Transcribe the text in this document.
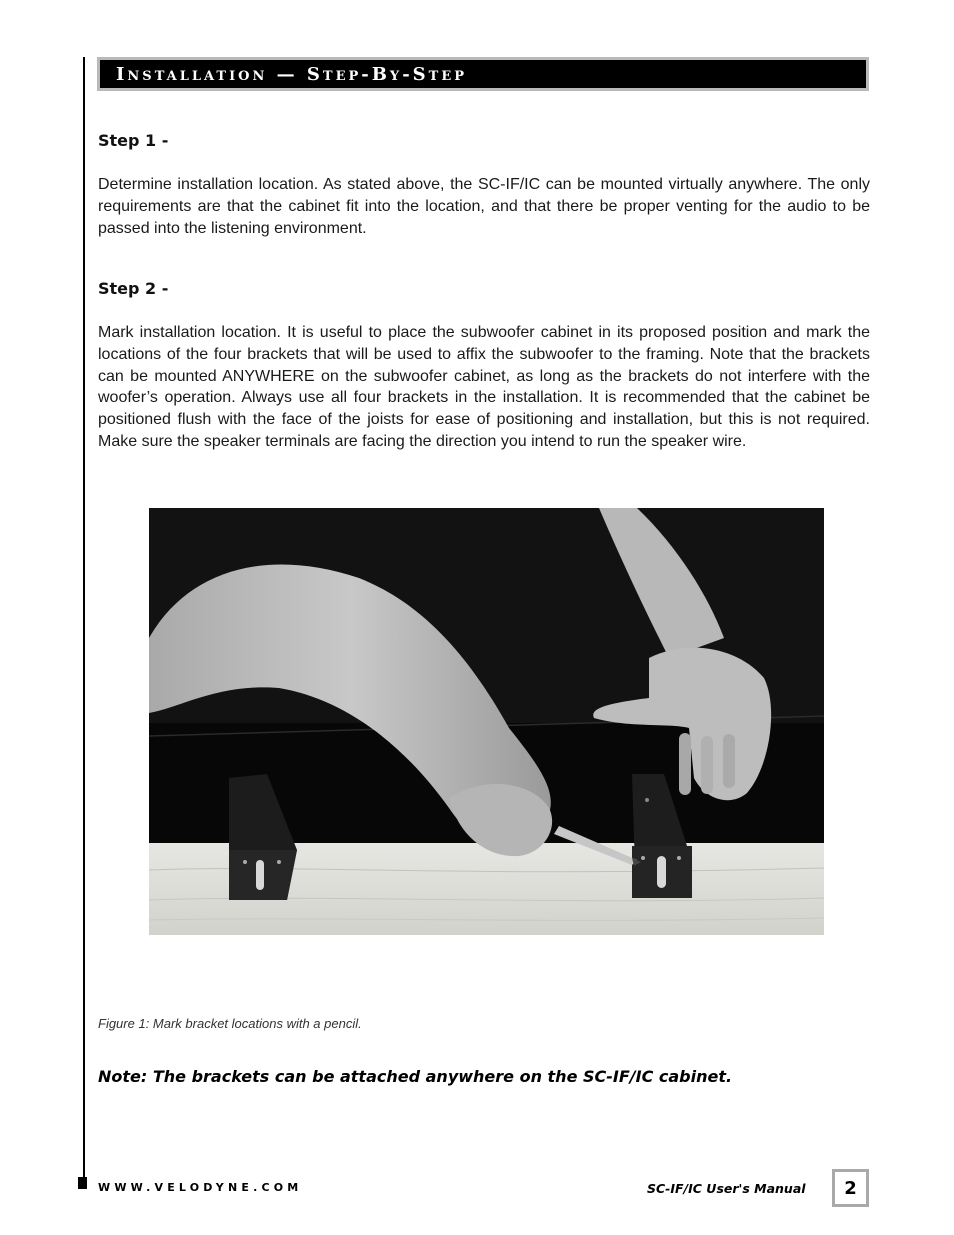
Installation — Step-By-Step
Step 1 -

Determine installation location. As stated above, the SC-IF/IC can be mounted virtually anywhere. The only requirements are that the cabinet fit into the location, and that there be proper venting for the audio to be passed into the listening environment.

Step 2 -

Mark installation location. It is useful to place the subwoofer cabinet in its proposed position and mark the locations of the four brackets that will be used to affix the subwoofer to the framing. Note that the brackets can be mounted ANYWHERE on the subwoofer cabinet, as long as the brackets do not interfere with the woofer’s operation. Always use all four brackets in the installation. It is recommended that the cabinet be positioned flush with the face of the joists for ease of positioning and installation, but this is not required. Make sure the speaker terminals are facing the direction you intend to run the speaker wire.

Figure 1: Mark bracket locations with a pencil.
Note: The brackets can be attached anywhere on the SC-IF/IC cabinet.
WWW.VELODYNE.COM	SC-IF/IC User's Manual 2
